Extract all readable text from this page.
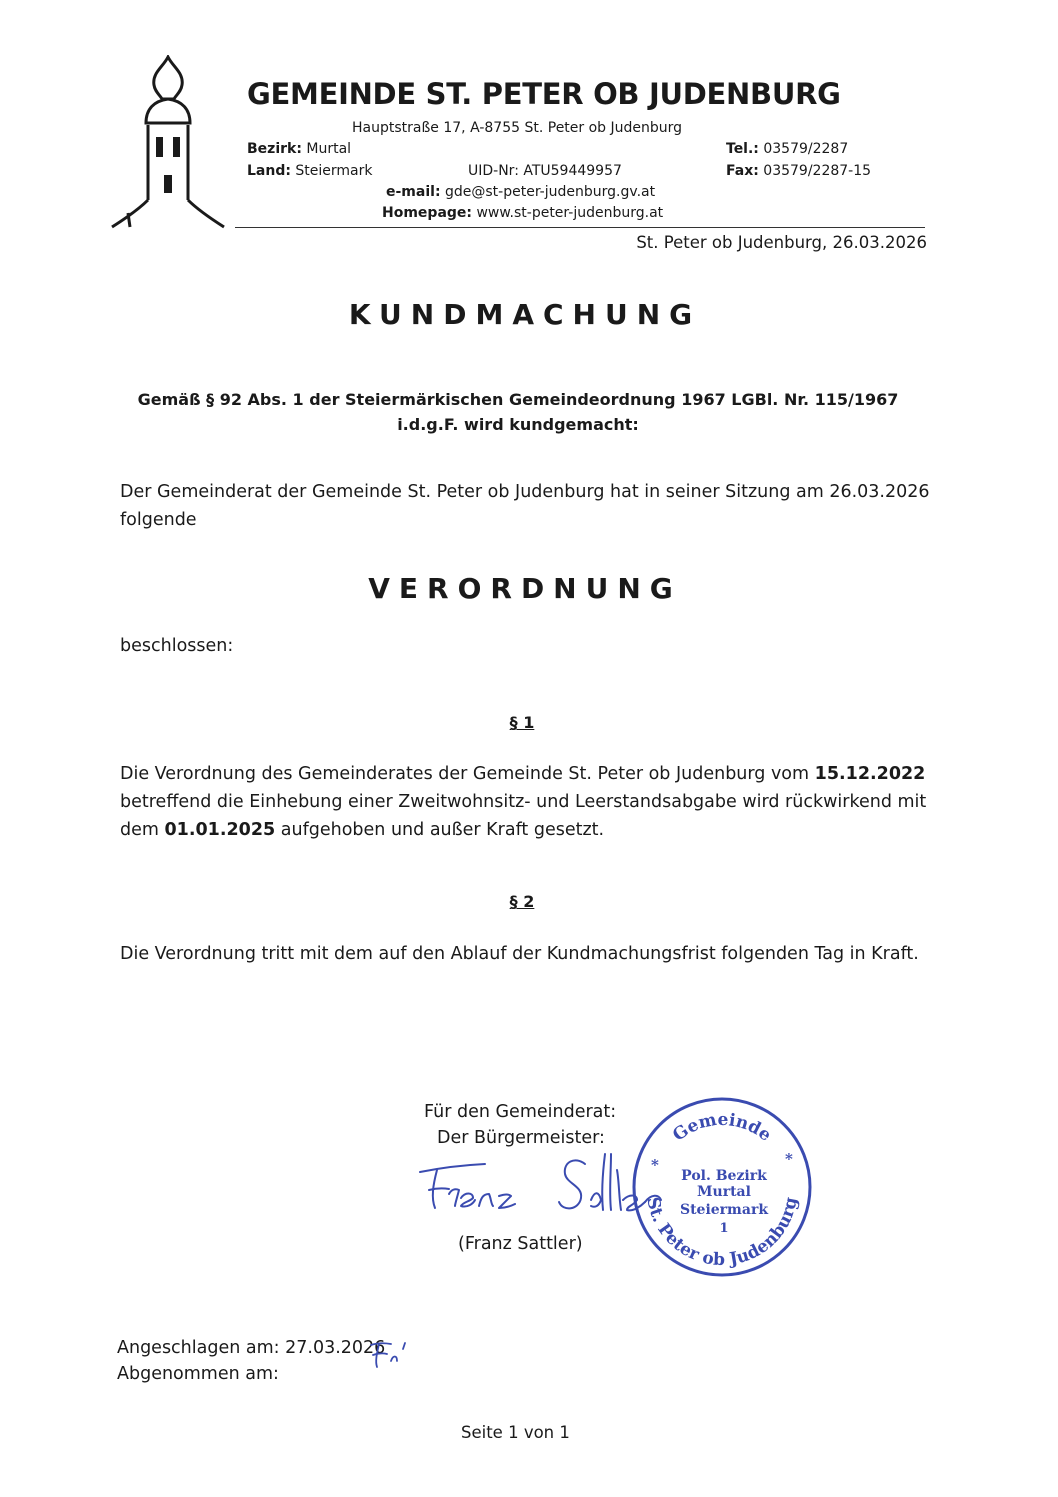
GEMEINDE ST. PETER OB JUDENBURG
Hauptstraße 17, A-8755 St. Peter ob Judenburg
Bezirk: Murtal
Land: Steiermark	UID-Nr: ATU59449957
Tel.: 03579/2287
Fax: 03579/2287-15
e-mail: gde@st-peter-judenburg.gv.at
Homepage: www.st-peter-judenburg.at
St. Peter ob Judenburg, 26.03.2026
KUNDMACHUNG
Gemäß § 92 Abs. 1 der Steiermärkischen Gemeindeordnung 1967 LGBl. Nr. 115/1967
i.d.g.F. wird kundgemacht:
Der Gemeinderat der Gemeinde St. Peter ob Judenburg hat in seiner Sitzung am 26.03.2026
folgende
VERORDNUNG
beschlossen:
§ 1
Die Verordnung des Gemeinderates der Gemeinde St. Peter ob Judenburg vom 15.12.2022
betreffend die Einhebung einer Zweitwohnsitz- und Leerstandsabgabe wird rückwirkend mit
dem 01.01.2025 aufgehoben und außer Kraft gesetzt.
§ 2
Die Verordnung tritt mit dem auf den Ablauf der Kundmachungsfrist folgenden Tag in Kraft.
Für den Gemeinderat:
Der Bürgermeister:
(Franz Sattler)
Gemeinde
St. Peter ob Judenburg
*	*
Pol. Bezirk
Murtal
Steiermark
1
Angeschlagen am: 27.03.2026
Abgenommen am:
Seite 1 von 1
